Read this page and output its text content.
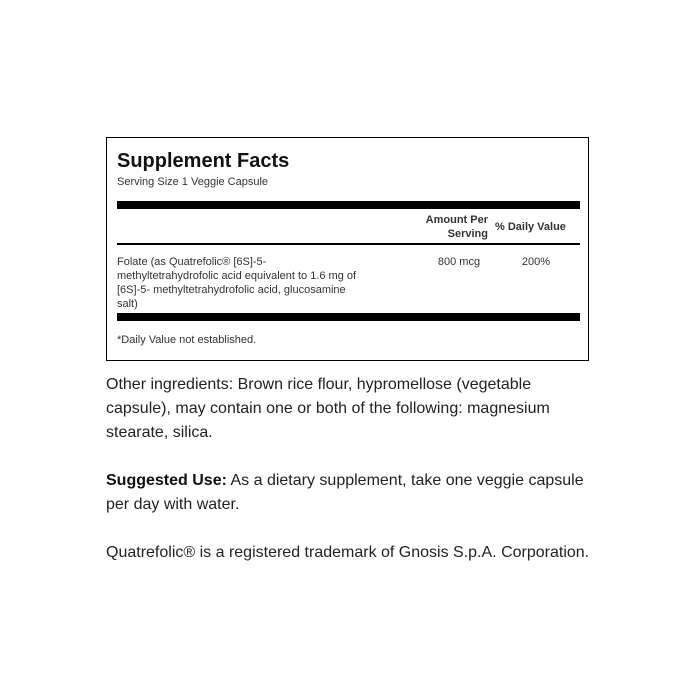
Supplement Facts
Serving Size 1 Veggie Capsule
Amount Per
Serving
% Daily Value
Folate (as Quatrefolic® [6S]-5-
methyltetrahydrofolic acid equivalent to 1.6 mg of
[6S]-5- methyltetrahydrofolic acid, glucosamine
salt)
800 mcg	200%
*Daily Value not established.
Other ingredients: Brown rice flour, hypromellose (vegetable
capsule), may contain one or both of the following: magnesium
stearate, silica.
Suggested Use: As a dietary supplement, take one veggie capsule
per day with water.
Quatrefolic® is a registered trademark of Gnosis S.p.A. Corporation.
